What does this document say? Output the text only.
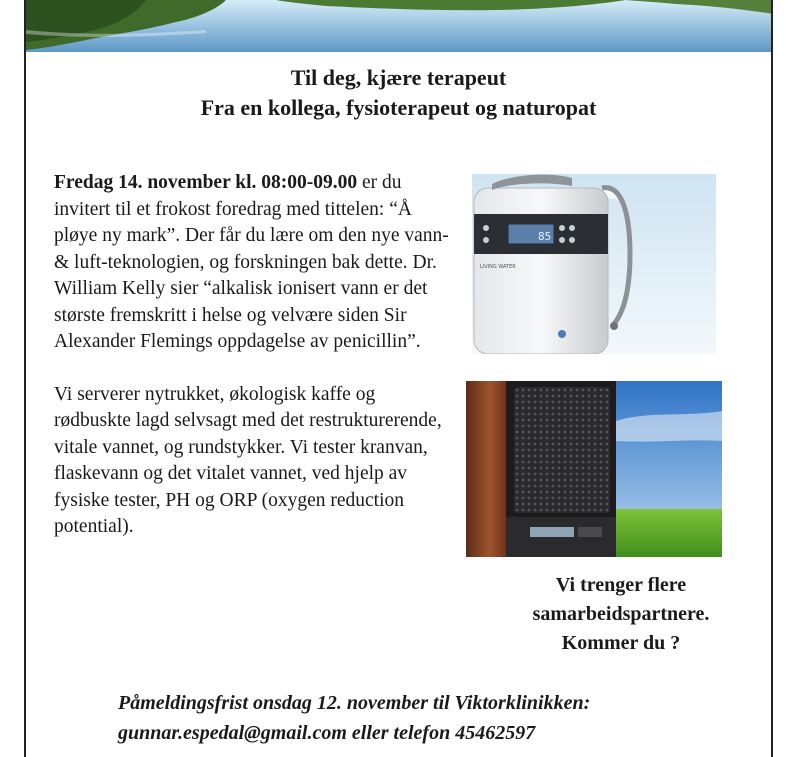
Til deg, kjære terapeut
Fra en kollega, fysioterapeut og naturopat

Fredag 14. november kl. 08:00-09.00 er du invitert til et frokost foredrag med tittelen: “Å pløye ny mark”. Der får du lære om den nye vann- & luft-teknologien, og forskningen bak dette. Dr. William Kelly sier “alkalisk ionisert vann er det største fremskritt i helse og velvære siden Sir Alexander Flemings oppdagelse av penicillin”.

Vi serverer nytrukket, økologisk kaffe og rødbuskte lagd selvsagt med det restrukturerende, vitale vannet, og rundstykker. Vi tester kranvan, flaskevann og det vitalet vannet, ved hjelp av fysiske tester, PH og ORP (oxygen reduction potential).

85
LIVING WATER
Vi trenger flere
samarbeidspartnere.
Kommer du ?
Påmeldingsfrist onsdag 12. november til Viktorklinikken:
gunnar.espedal@gmail.com eller telefon 45462597
